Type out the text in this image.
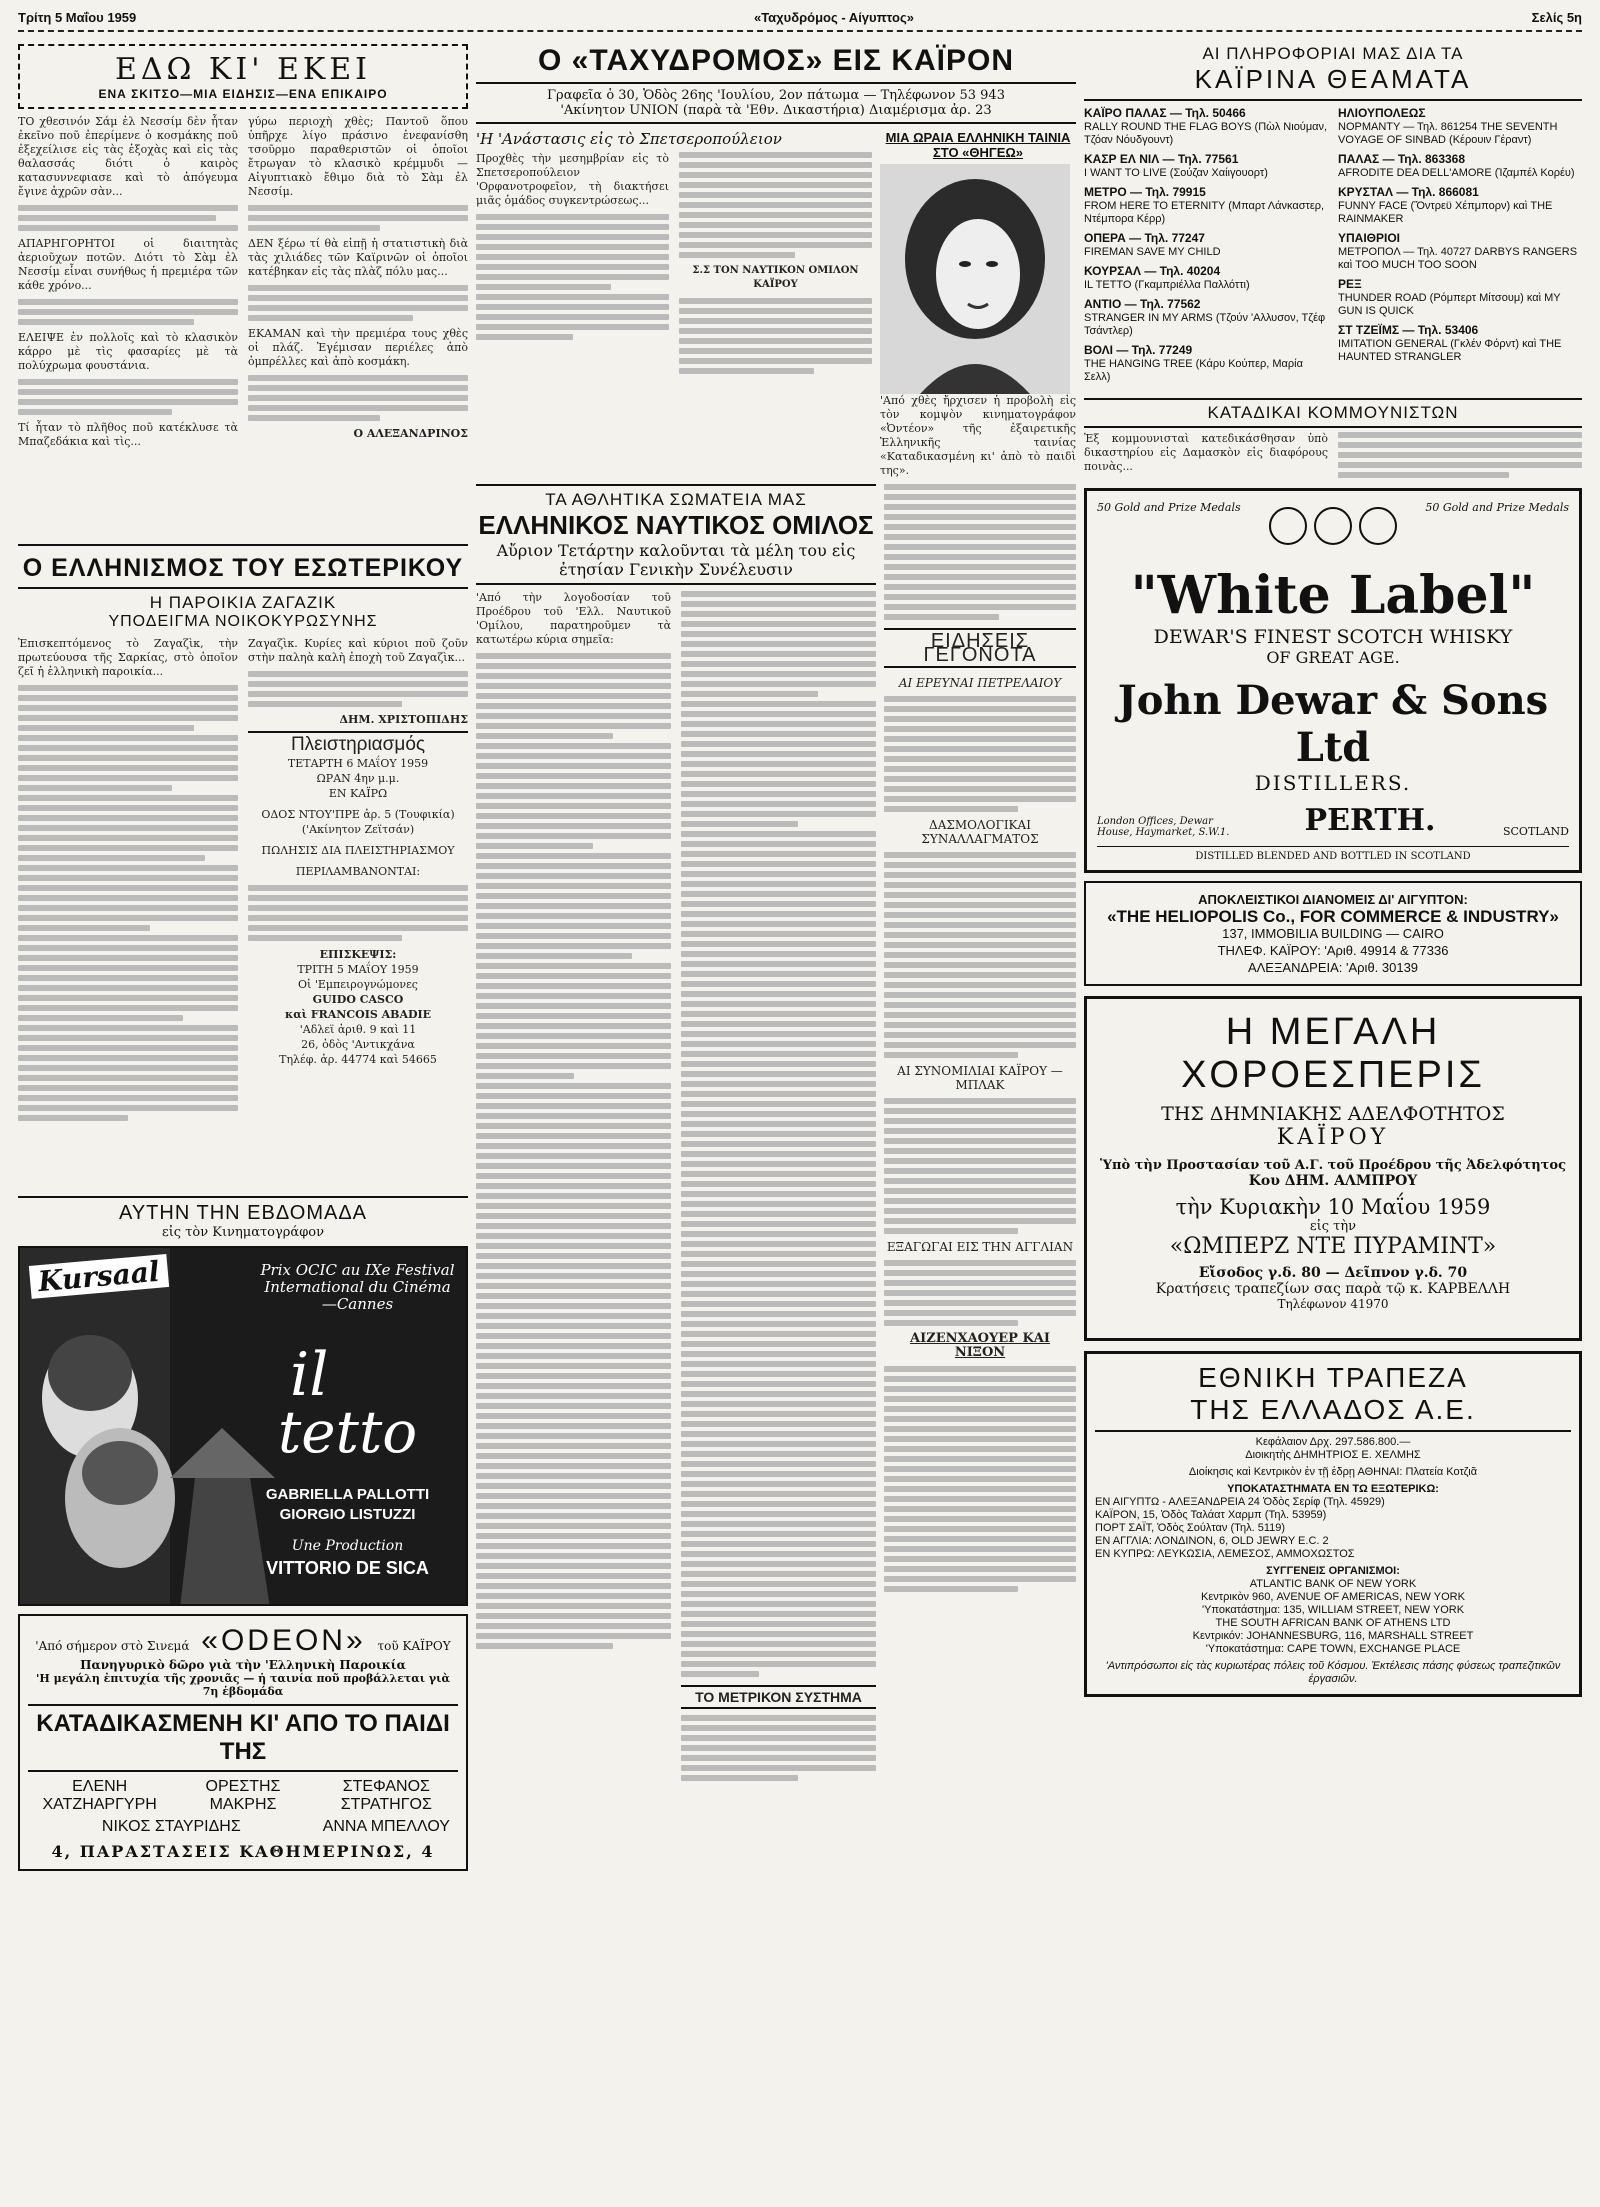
Τρίτη 5 Μαΐου 1959	«Ταχυδρόμος - Αίγυπτος»	Σελίς 5η
ΕΔΩ ΚΙ' ΕΚΕΙ
ΕΝΑ ΣΚΙΤΣΟ—ΜΙΑ ΕΙΔΗΣΙΣ—ΕΝΑ ΕΠΙΚΑΙΡΟ

ΤΟ χθεσινόν Σάμ ἐλ Νεσσίμ δὲν ἦταν ἐκεῖνο ποῦ ἐπερίμενε ὁ κοσμάκης ποῦ ἐξεχείλισε εἰς τὰς ἐξοχὰς καὶ εἰς τὰς θαλασσάς διότι ὁ καιρὸς κατασυννεφιασε καὶ τὸ ἀπόγευμα ἔγινε ἀχρῶν σὰν...

ΑΠΑΡΗΓΟΡΗΤΟΙ οἱ διαιτητὰς ἀεριοῦχων ποτῶν. Διότι τὸ Σὰμ ἐλ Νεσσίμ εἶναι συνήθως ἡ πρεμιέρα τῶν κάθε χρόνο...

ΕΛΕΙΨΕ ἐν πολλοῖς καὶ τὸ κλασικὸν κάρρο μὲ τὶς φασαρίες μὲ τὰ πολύχρωμα φουστάνια.

Τί ἦταν τὸ πλῆθος ποῦ κατέκλυσε τὰ Μπαζεδάκια καὶ τὶς...

γύρω περιοχὴ χθὲς; Παντοῦ ὅπου ὑπῆρχε λίγο πράσινο ἐνεφανίσθη τσοῦρμο παραθεριστῶν οἱ ὁποῖοι ἔτρωγαν τὸ κλασικὸ κρέμμυδι — Αἰγυπτιακὸ ἔθιμο διὰ τὸ Σὰμ ἐλ Νεσσίμ.

ΔΕΝ ξέρω τί θὰ εἰπῇ ἡ στατιστικὴ διὰ τὰς χιλιάδες τῶν Καϊρινῶν οἱ ὁποῖοι κατέβηκαν εἰς τὰς πλὰζ πόλυ μας...

ΕΚΑΜΑΝ καὶ τὴν πρεμιέρα τους χθὲς οἱ πλάζ. Ἐγέμισαν περιέλες ἀπὸ ὁμπρέλλες καὶ ἀπὸ κοσμάκη.

Ο ΑΛΕΞΑΝΔΡΙΝΟΣ

Ο ΕΛΛΗΝΙΣΜΟΣ ΤΟΥ ΕΣΩΤΕΡΙΚΟΥ
Η ΠΑΡΟΙΚΙΑ ΖΑΓΑΖΙΚ
ΥΠΟΔΕΙΓΜΑ ΝΟΙΚΟΚΥΡΩΣΥΝΗΣ

Ἐπισκεπτόμενος τὸ Ζαγαζὶκ, τὴν πρωτεύουσα τῆς Σαρκίας, στὸ ὁποῖον ζεῖ ἡ ἑλληνικὴ παροικία...

Ζαγαζὶκ. Κυρίες καὶ κύριοι ποῦ ζοῦν στὴν παληὰ καλὴ ἐποχὴ τοῦ Ζαγαζὶκ...

ΔΗΜ. ΧΡΙΣΤΟΠΙΔΗΣ

Πλειστηριασμός
ΤΕΤΑΡΤΗ 6 ΜΑΐΟΥ 1959
ΩΡΑΝ 4ην μ.μ.
ΕΝ ΚΑΪΡΩ
ΟΔΟΣ ΝΤΟΥ'ΠΡΕ ἀρ. 5 (Τουφικία)
('Ακίνητον Ζεϊτσάν)
ΠΩΛΗΣΙΣ ΔΙΑ ΠΛΕΙΣΤΗΡΙΑΣΜΟΥ
ΠΕΡΙΛΑΜΒΑΝΟΝΤΑΙ:
ΕΠΙΣΚΕΨΙΣ:
ΤΡΙΤΗ 5 ΜΑΐΟΥ 1959
Οἱ 'Εμπειρογνώμονες
GUIDO CASCO
καὶ FRANCOIS ABADIE
'Αδλεϊ ἀριθ. 9 καὶ 11
26, ὁδὸς 'Αντικχάνα
Τηλέφ. ἀρ. 44774 καὶ 54665
ΑΥΤΗΝ ΤΗΝ ΕΒΔΟΜΑΔΑ
εἰς τὸν Κινηματογράφον
Kursaal	Prix OCIC au IXe Festival International du Cinéma—Cannes
il
tetto
GABRIELLA PALLOTTI
GIORGIO LISTUZZI
Une Production
VITTORIO DE SICA
'Από σήμερον στὸ Σινεμά «ODEON» τοῦ ΚΑΪΡΟΥ
Πανηγυρικὸ δῶρο γιὰ τὴν 'Ελληνικὴ Παροικία
'Η μεγάλη ἐπιτυχία τῆς χρονιᾶς — ἡ ταινία ποῦ προβάλλεται γιὰ 7η ἑβδομάδα
ΚΑΤΑΔΙΚΑΣΜΕΝΗ ΚΙ' ΑΠΟ ΤΟ ΠΑΙΔΙ ΤΗΣ
ΕΛΕΝΗ ΧΑΤΖΗΑΡΓΥΡΗ
ΟΡΕΣΤΗΣ ΜΑΚΡΗΣ
ΣΤΕΦΑΝΟΣ ΣΤΡΑΤΗΓΟΣ
ΝΙΚΟΣ ΣΤΑΥΡΙΔΗΣ	ΑΝΝΑ ΜΠΕΛΛΟΥ
4, ΠΑΡΑΣΤΑΣΕΙΣ ΚΑΘΗΜΕΡΙΝΩΣ, 4
Ο «ΤΑΧΥΔΡΟΜΟΣ» ΕΙΣ ΚΑΪΡΟΝ
Γραφεῖα ὁ 30, Ὁδὸς 26ης 'Ιουλίου, 2ον πάτωμα — Τηλέφωνον 53 943
'Ακίνητον UNION (παρὰ τὰ 'Εθν. Δικαστήρια) Διαμέρισμα ἀρ. 23
'Η 'Ανάστασις εἰς τὸ Σπετσεροπούλειον

Προχθὲς τὴν μεσημβρίαν εἰς τὸ Σπετσεροπούλειον 'Ορφανοτροφεῖον, τὴ διακτήσει μιᾶς ὁμάδος συγκεντρώσεως...

Σ.Σ ΤΟΝ ΝΑΥΤΙΚΟΝ ΟΜΙΛΟΝ ΚΑΪΡΟΥ
ΜΙΑ ΩΡΑΙΑ ΕΛΛΗΝΙΚΗ ΤΑΙΝΙΑ ΣΤΟ «ΘΗΓΕΩ»

'Από χθὲς ἤρχισεν ἡ προβολὴ εἰς τὸν κομψὸν κινηματογράφον «Ὀντέον» τῆς ἐξαιρετικῆς Ἑλληνικῆς ταινίας «Καταδικασμένη κι' ἀπὸ τὸ παιδὶ της».

ΤΑ ΑΘΛΗΤΙΚΑ ΣΩΜΑΤΕΙΑ ΜΑΣ
ΕΛΛΗΝΙΚΟΣ ΝΑΥΤΙΚΟΣ ΟΜΙΛΟΣ
Αὔριον Τετάρτην καλοῦνται τὰ μέλη του εἰς ἐτησίαν Γενικὴν Συνέλευσιν

'Από τὴν λογοδοσίαν τοῦ Προέδρου τοῦ 'Ελλ. Ναυτικοῦ 'Ομίλου, παρατηροῦμεν τὰ κατωτέρω κύρια σημεῖα:

ΤΟ ΜΕΤΡΙΚΟΝ ΣΥΣΤΗΜΑ
ΕΙΔΗΣΕΙΣ ΓΕΓΟΝΟΤΑ
ΑΙ ΕΡΕΥΝΑΙ ΠΕΤΡΕΛΑΙΟΥ
ΔΑΣΜΟΛΟΓΙΚΑΙ ΣΥΝΑΛΛΑΓΜΑΤΟΣ
ΑΙ ΣΥΝΟΜΙΛΙΑΙ ΚΑΪΡΟΥ — ΜΠΛΑΚ
ΕΞΑΓΩΓΑΙ ΕΙΣ ΤΗΝ ΑΓΓΛΙΑΝ
ΑΙΖΕΝΧΑΟΥΕΡ ΚΑΙ ΝΙΞΟΝ
ΑΙ ΠΛΗΡΟΦΟΡΙΑΙ ΜΑΣ ΔΙΑ ΤΑ
ΚΑΪΡΙΝΑ ΘΕΑΜΑΤΑ
ΚΑΪΡΟ ΠΑΛΑΣ — Τηλ. 50466
RALLY ROUND THE FLAG BOYS (Πὼλ Νιούμαν, Τζόαν Νόυδγουντ)
ΚΑΣΡ ΕΛ ΝΙΛ — Τηλ. 77561
I WANT TO LIVE (Σούζαν Χαίιγουορτ)
ΜΕΤΡΟ — Τηλ. 79915
FROM HERE TO ETERNITY (Μπαρτ Λάνκαστερ, Ντέμπορα Κέρρ)
ΟΠΕΡΑ — Τηλ. 77247
FIREMAN SAVE MY CHILD
ΚΟΥΡΣΑΛ — Τηλ. 40204
IL TETTO (Γκαμπριέλλα Παλλόττι)
ΑΝΤΙΟ — Τηλ. 77562
STRANGER IN MY ARMS (Τζούν 'Αλλυσον, Τζέφ Τσάντλερ)
ΒΟΛΙ — Τηλ. 77249
THE HANGING TREE (Κάρυ Κούπερ, Μαρία Σελλ)
ΗΛΙΟΥΠΟΛΕΩΣ
ΝΟΡΜΑΝΤΥ — Τηλ. 861254 THE SEVENTH VOYAGE OF SINBAD (Κέρουιν Γέραντ)
ΠΑΛΑΣ — Τηλ. 863368
AFRODITE DEA DELL'AMORE (Ἰζαμπέλ Κορέυ)
ΚΡΥΣΤΑΛ — Τηλ. 866081
FUNNY FACE (Ὄντρεϋ Χέπμπορν) καὶ THE RAINMAKER
ΥΠΑΙΘΡΙΟΙ
ΜΕΤΡΟΠΟΛ — Τηλ. 40727 DARBYS RANGERS καὶ TOO MUCH TOO SOON
ΡΕΞ
THUNDER ROAD (Ρόμπερτ Μίτσουμ) καὶ MY GUN IS QUICK
ΣΤ ΤΖΕΪΜΣ — Τηλ. 53406
IMITATION GENERAL (Γκλέν Φόρντ) καὶ THE HAUNTED STRANGLER
ΚΑΤΑΔΙΚΑΙ ΚΟΜΜΟΥΝΙΣΤΩΝ

Ἐξ κομμουνισταὶ κατεδικάσθησαν ὑπὸ δικαστηρίου εἰς Δαμασκὸν εἰς διαφόρους ποινὰς...

50 Gold and Prize Medals	50 Gold and Prize Medals
"White Label"
DEWAR'S FINEST SCOTCH WHISKY
OF GREAT AGE.
John Dewar & Sons Ltd
DISTILLERS.
London Offices, Dewar House, Haymarket, S.W.1.	PERTH.	SCOTLAND
DISTILLED BLENDED AND BOTTLED IN SCOTLAND
ΑΠΟΚΛΕΙΣΤΙΚΟΙ ΔΙΑΝΟΜΕΙΣ ΔΙ' ΑΙΓΥΠΤΟΝ:
«THE HELIOPOLIS Co., FOR COMMERCE & INDUSTRY»
137, IMMOBILIA BUILDING — CAIRO
ΤΗΛΕΦ. ΚΑΪΡΟΥ: 'Αριθ. 49914 & 77336
ΑΛΕΞΑΝΔΡΕΙΑ: 'Αριθ. 30139
Η ΜΕΓΑΛΗ
ΧΟΡΟΕΣΠΕΡΙΣ
ΤΗΣ ΔΗΜΝΙΑΚΗΣ ΑΔΕΛΦΟΤΗΤΟΣ
ΚΑΪΡΟΥ
Ὑπὸ τὴν Προστασίαν τοῦ Α.Γ. τοῦ Προέδρου τῆς Ἀδελφότητος
Κου ΔΗΜ. ΑΛΜΠΡΟΥ
τὴν Κυριακὴν 10 Μαΐου 1959
εἰς τὴν
«ΩΜΠΕΡΖ ΝΤΕ ΠΥΡΑΜΙΝΤ»
Εἴσοδος γ.δ. 80 — Δεῖπνον γ.δ. 70
Κρατήσεις τραπεζίων σας παρὰ τῷ κ. ΚΑΡΒΕΛΛΗ
Τηλέφωνον 41970
ΕΘΝΙΚΗ ΤΡΑΠΕΖΑ
ΤΗΣ ΕΛΛΑΔΟΣ Α.Ε.
Κεφάλαιον Δρχ. 297.586.800.—
Διοικητὴς ΔΗΜΗΤΡΙΟΣ Ε. ΧΕΛΜΗΣ
Διοίκησις καὶ Κεντρικὸν ἐν τῇ ἑδρῃ ΑΘΗΝΑΙ: Πλατεία Κοτζιᾶ
ΥΠΟΚΑΤΑΣΤΗΜΑΤΑ ΕΝ ΤΩ ΕΞΩΤΕΡΙΚΩ:
ΕΝ ΑΙΓΥΠΤΩ - ΑΛΕΞΑΝΔΡΕΙΑ 24 Ὁδὸς Σερίφ (Τηλ. 45929)
ΚΑΪΡΟΝ, 15, Ὁδὸς Ταλάατ Χαρμπ (Τηλ. 53959)
ΠΟΡΤ ΣΑΪΤ, Ὁδὸς Σούλταν (Τηλ. 5119)
ΕΝ ΑΓΓΛΙΑ: ΛΟΝΔΙΝΟΝ, 6, OLD JEWRY E.C. 2
ΕΝ ΚΥΠΡΩ: ΛΕΥΚΩΣΙΑ, ΛΕΜΕΣΟΣ, ΑΜΜΟΧΩΣΤΟΣ
ΣΥΓΓΕΝΕΙΣ ΟΡΓΑΝΙΣΜΟΙ:
ATLANTIC BANK OF NEW YORK
Κεντρικὸν 960, AVENUE OF AMERICAS, NEW YORK
'Υποκατάστημα: 135, WILLIAM STREET, NEW YORK
THE SOUTH AFRICAN BANK OF ATHENS LTD
Κεντρικόν: JOHANNESBURG, 116, MARSHALL STREET
'Υποκατάστημα: CAPE TOWN, EXCHANGE PLACE
'Αντιπρόσωποι εἰς τὰς κυριωτέρας πόλεις τοῦ Κόσμου. Ἐκτέλεσις πάσης φύσεως τραπεζιτικῶν ἐργασιῶν.
